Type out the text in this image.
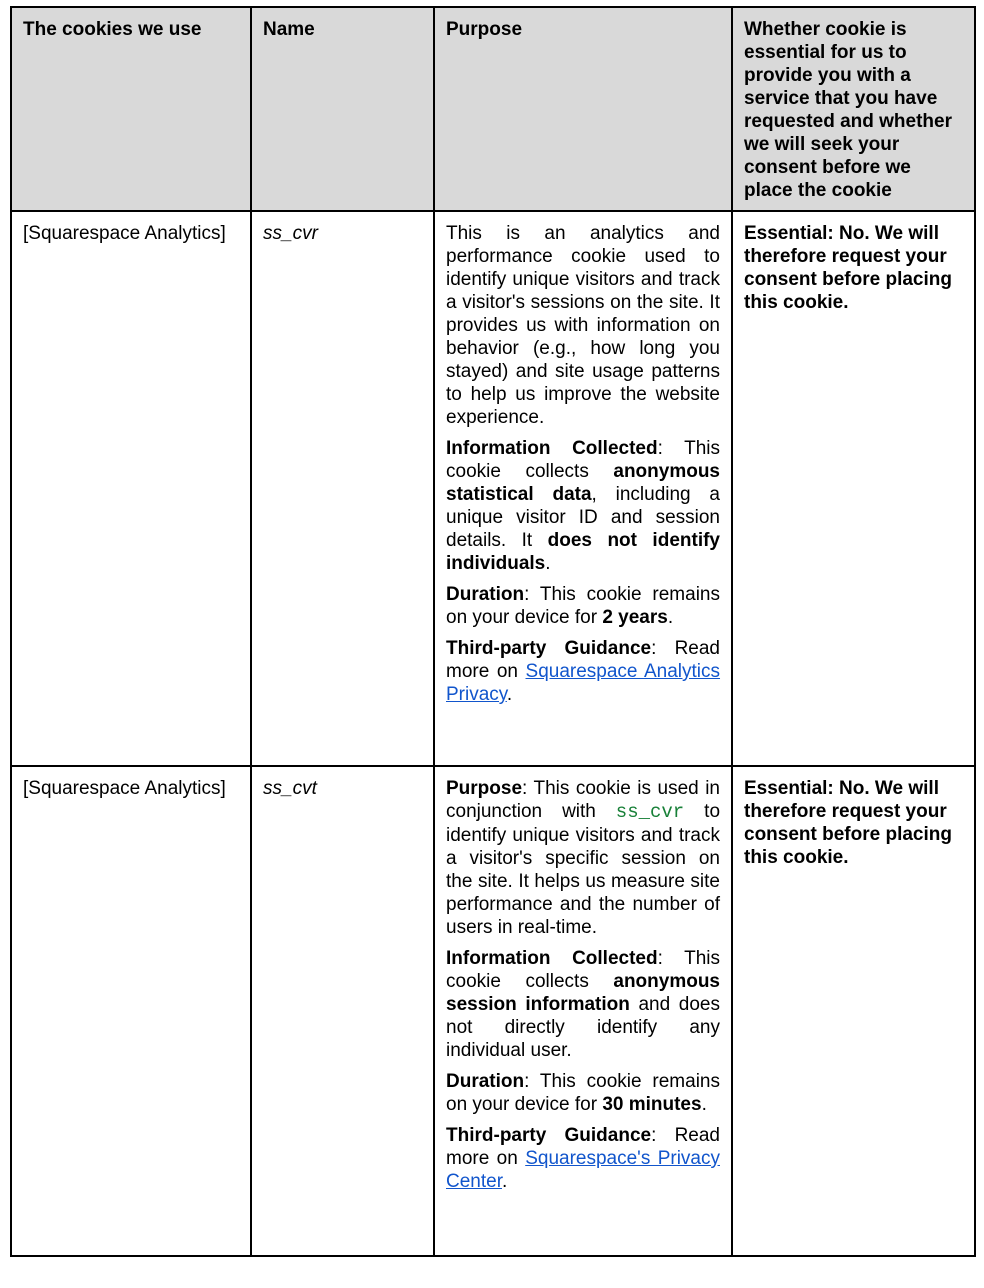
The cookies we use	Name	Purpose	Whether cookie is essential for us to provide you with a service that you have requested and whether we will seek your consent before we place the cookie
[Squarespace Analytics]	ss_cvr	This is an analytics and performance cookie used to identify unique visitors and track a visitor's sessions on the site. It provides us with information on behavior (e.g., how long you stayed) and site usage patterns to help us improve the website experience.

Information Collected: This cookie collects anonymous statistical data, including a unique visitor ID and session details. It does not identify individuals.

Duration: This cookie remains on your device for 2 years.

Third-party Guidance: Read more on Squarespace Analytics Privacy.	Essential: No. We will therefore request your consent before placing this cookie.
[Squarespace Analytics]	ss_cvt	Purpose: This cookie is used in conjunction with ss_cvr to identify unique visitors and track a visitor's specific session on the site. It helps us measure site performance and the number of users in real-time.

Information Collected: This cookie collects anonymous session information and does not directly identify any individual user.

Duration: This cookie remains on your device for 30 minutes.

Third-party Guidance: Read more on Squarespace's Privacy Center.	Essential: No. We will therefore request your consent before placing this cookie.
